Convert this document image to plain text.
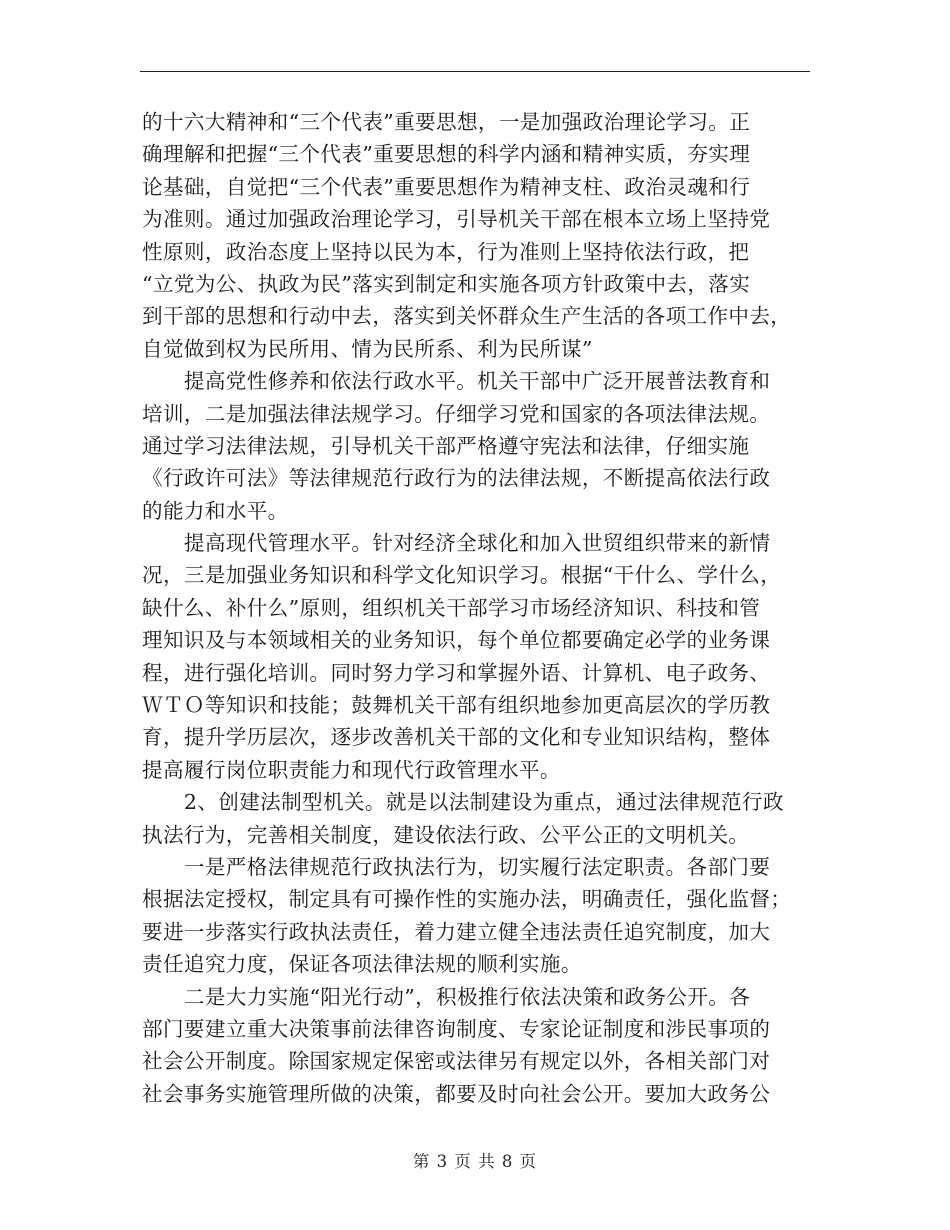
的十六大精神和“三个代表”重要思想，一是加强政治理论学习。正
确理解和把握“三个代表”重要思想的科学内涵和精神实质，夯实理
论基础，自觉把“三个代表”重要思想作为精神支柱、政治灵魂和行
为准则。通过加强政治理论学习，引导机关干部在根本立场上坚持党
性原则，政治态度上坚持以民为本，行为准则上坚持依法行政，把
“立党为公、执政为民”落实到制定和实施各项方针政策中去，落实
到干部的思想和行动中去，落实到关怀群众生产生活的各项工作中去，
自觉做到权为民所用、情为民所系、利为民所谋”
　　提高党性修养和依法行政水平。机关干部中广泛开展普法教育和
培训，二是加强法律法规学习。仔细学习党和国家的各项法律法规。
通过学习法律法规，引导机关干部严格遵守宪法和法律，仔细实施
《行政许可法》等法律规范行政行为的法律法规，不断提高依法行政
的能力和水平。
　　提高现代管理水平。针对经济全球化和加入世贸组织带来的新情
况，三是加强业务知识和科学文化知识学习。根据“干什么、学什么，
缺什么、补什么”原则，组织机关干部学习市场经济知识、科技和管
理知识及与本领域相关的业务知识，每个单位都要确定必学的业务课
程，进行强化培训。同时努力学习和掌握外语、计算机、电子政务、
ＷＴＯ等知识和技能；鼓舞机关干部有组织地参加更高层次的学历教
育，提升学历层次，逐步改善机关干部的文化和专业知识结构，整体
提高履行岗位职责能力和现代行政管理水平。
　　2、创建法制型机关。就是以法制建设为重点，通过法律规范行政
执法行为，完善相关制度，建设依法行政、公平公正的文明机关。
　　一是严格法律规范行政执法行为，切实履行法定职责。各部门要
根据法定授权，制定具有可操作性的实施办法，明确责任，强化监督；
要进一步落实行政执法责任，着力建立健全违法责任追究制度，加大
责任追究力度，保证各项法律法规的顺利实施。
　　二是大力实施“阳光行动”，积极推行依法决策和政务公开。各
部门要建立重大决策事前法律咨询制度、专家论证制度和涉民事项的
社会公开制度。除国家规定保密或法律另有规定以外，各相关部门对
社会事务实施管理所做的决策，都要及时向社会公开。要加大政务公
第 3 页 共 8 页
